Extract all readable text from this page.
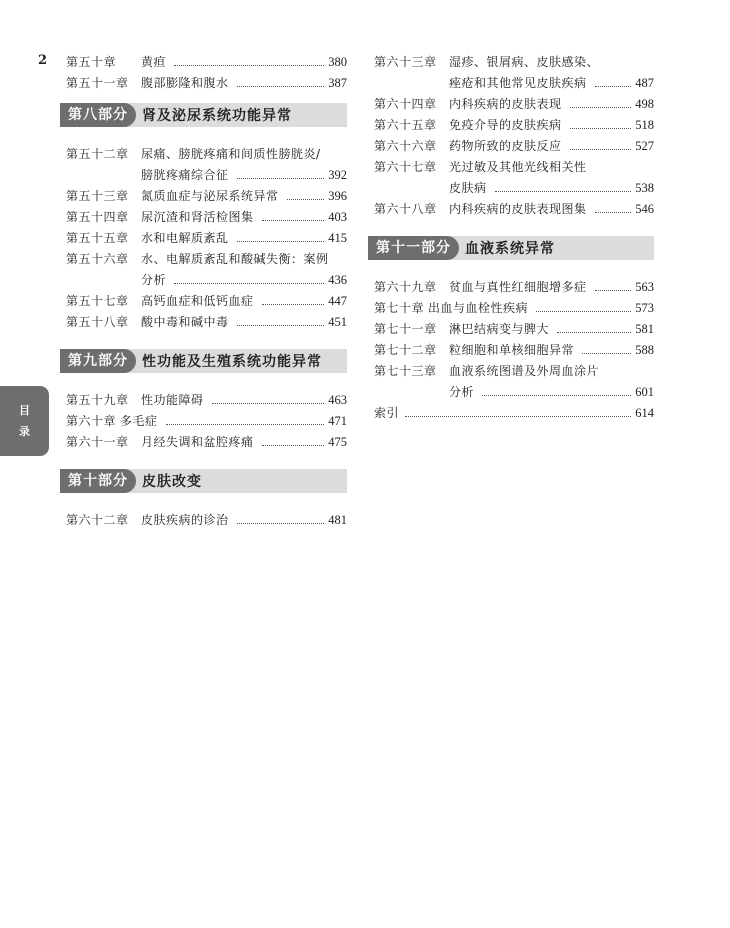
2
目
录
第五十章	黄疸	380
第五十一章	腹部膨隆和腹水	387
第八部分	肾及泌尿系统功能异常
第五十二章	尿痛、膀胱疼痛和间质性膀胱炎/
膀胱疼痛综合征	392
第五十三章	氮质血症与泌尿系统异常	396
第五十四章	尿沉渣和肾活检图集	403
第五十五章	水和电解质紊乱	415
第五十六章	水、电解质紊乱和酸碱失衡：案例
分析	436
第五十七章	高钙血症和低钙血症	447
第五十八章	酸中毒和碱中毒	451
第九部分	性功能及生殖系统功能异常
第五十九章	性功能障碍	463
第六十章 多毛症	471
第六十一章	月经失调和盆腔疼痛	475
第十部分	皮肤改变
第六十二章	皮肤疾病的诊治	481
第六十三章	湿疹、银屑病、皮肤感染、
痤疮和其他常见皮肤疾病	487
第六十四章	内科疾病的皮肤表现	498
第六十五章	免疫介导的皮肤疾病	518
第六十六章	药物所致的皮肤反应	527
第六十七章	光过敏及其他光线相关性
皮肤病	538
第六十八章	内科疾病的皮肤表现图集	546
第十一部分	血液系统异常
第六十九章	贫血与真性红细胞增多症	563
第七十章 出血与血栓性疾病	573
第七十一章	淋巴结病变与脾大	581
第七十二章	粒细胞和单核细胞异常	588
第七十三章	血液系统图谱及外周血涂片
分析	601
索引	614
